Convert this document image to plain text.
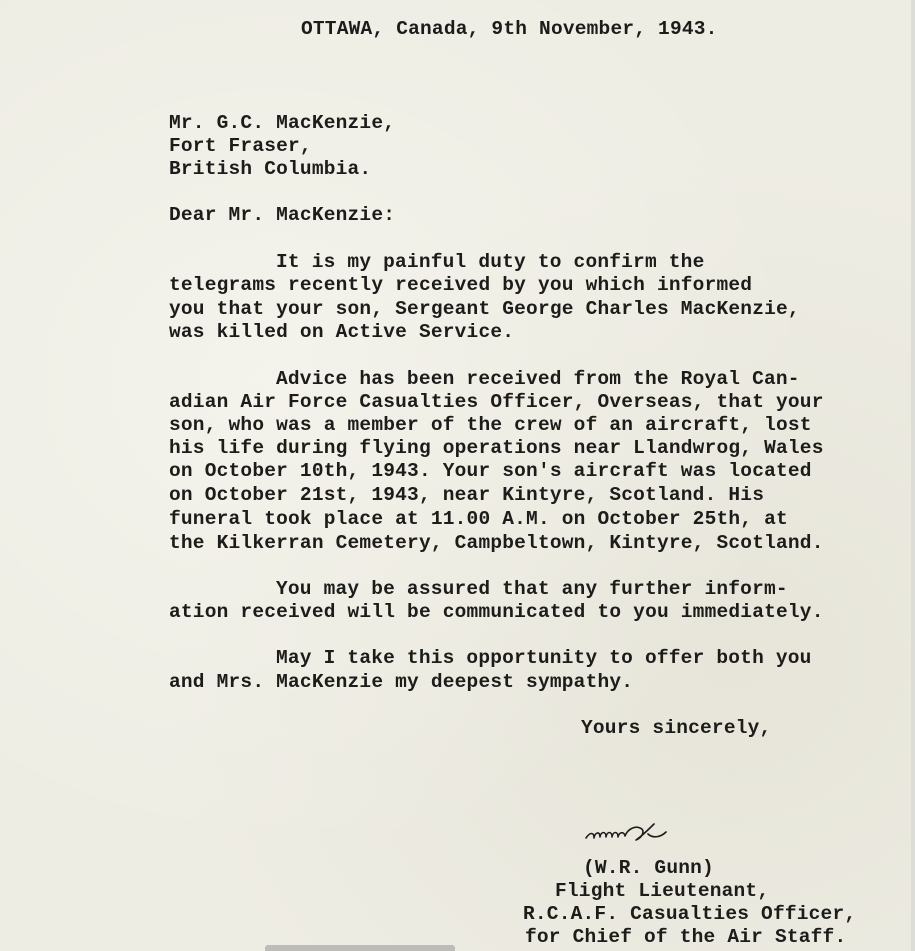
OTTAWA, Canada, 9th November, 1943.
Mr. G.C. MacKenzie,
Fort Fraser,
British Columbia.
Dear Mr. MacKenzie:
It is my painful duty to confirm the
telegrams recently received by you which informed
you that your son, Sergeant George Charles MacKenzie,
was killed on Active Service.
Advice has been received from the Royal Can-
adian Air Force Casualties Officer, Overseas, that your
son, who was a member of the crew of an aircraft, lost
his life during flying operations near Llandwrog, Wales
on October 10th, 1943. Your son's aircraft was located
on October 21st, 1943, near Kintyre, Scotland. His
funeral took place at 11.00 A.M. on October 25th, at
the Kilkerran Cemetery, Campbeltown, Kintyre, Scotland.
You may be assured that any further inform-
ation received will be communicated to you immediately.
May I take this opportunity to offer both you
and Mrs. MacKenzie my deepest sympathy.
Yours sincerely,
(W.R. Gunn)
Flight Lieutenant,
R.C.A.F. Casualties Officer,
for Chief of the Air Staff.
